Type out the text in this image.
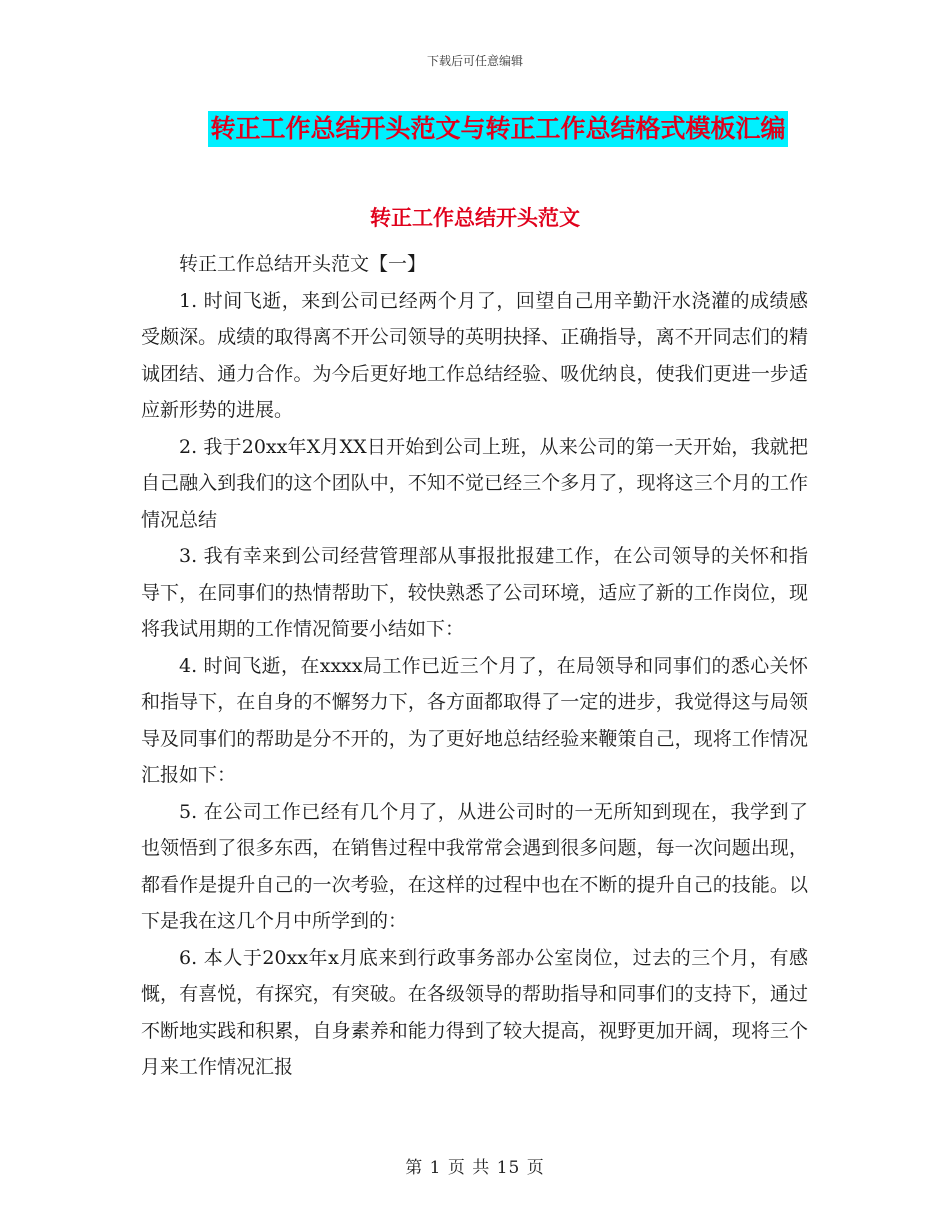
下载后可任意编辑
转正工作总结开头范文与转正工作总结格式模板汇编
转正工作总结开头范文

转正工作总结开头范文【一】

1. 时间飞逝，来到公司已经两个月了，回望自己用辛勤汗水浇灌的成绩感受颇深。成绩的取得离不开公司领导的英明抉择、正确指导，离不开同志们的精诚团结、通力合作。为今后更好地工作总结经验、吸优纳良，使我们更进一步适应新形势的进展。

2. 我于20xx年X月XX日开始到公司上班，从来公司的第一天开始，我就把自己融入到我们的这个团队中，不知不觉已经三个多月了，现将这三个月的工作情况总结

3. 我有幸来到公司经营管理部从事报批报建工作，在公司领导的关怀和指导下，在同事们的热情帮助下，较快熟悉了公司环境，适应了新的工作岗位，现将我试用期的工作情况简要小结如下：

4. 时间飞逝，在xxxx局工作已近三个月了，在局领导和同事们的悉心关怀和指导下，在自身的不懈努力下，各方面都取得了一定的进步，我觉得这与局领导及同事们的帮助是分不开的，为了更好地总结经验来鞭策自己，现将工作情况汇报如下：

5. 在公司工作已经有几个月了，从进公司时的一无所知到现在，我学到了也领悟到了很多东西，在销售过程中我常常会遇到很多问题，每一次问题出现，都看作是提升自己的一次考验，在这样的过程中也在不断的提升自己的技能。以下是我在这几个月中所学到的：

6. 本人于20xx年x月底来到行政事务部办公室岗位，过去的三个月，有感慨，有喜悦，有探究，有突破。在各级领导的帮助指导和同事们的支持下，通过不断地实践和积累，自身素养和能力得到了较大提高，视野更加开阔，现将三个月来工作情况汇报

第 1 页 共 15 页
